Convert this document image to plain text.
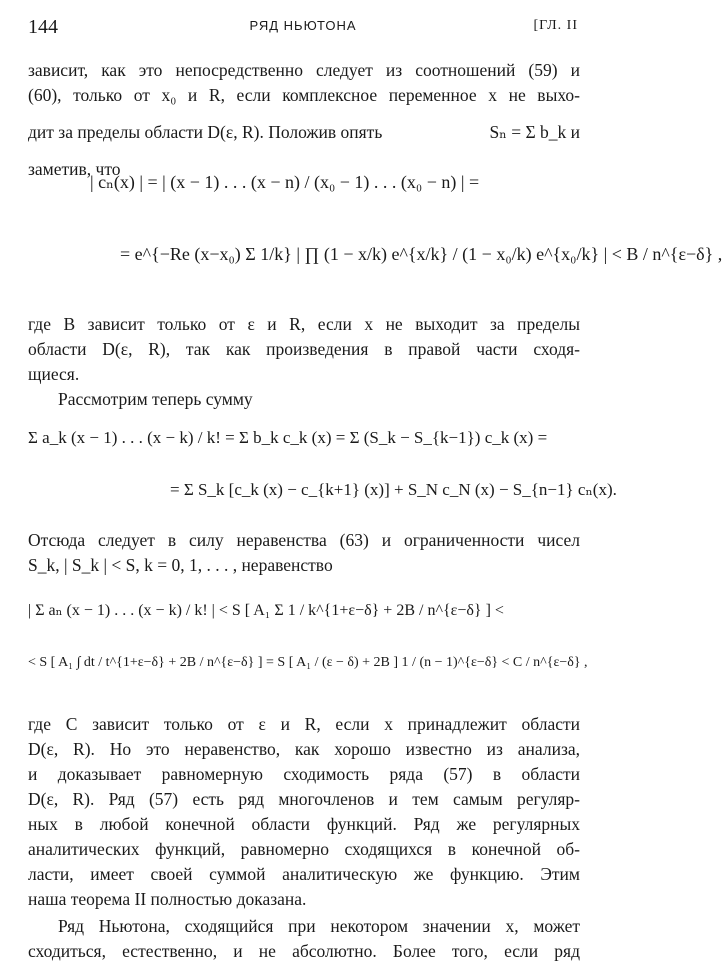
144	РЯД НЬЮТОНА	[ГЛ. II
зависит, как это непосредственно следует из соотношений (59) и
(60), только от x₀ и R, если комплексное переменное x не выхо-
дит за пределы области D(ε, R). Положив опять	Sₙ = Σ b_k и
заметив, что
| cₙ(x) | = | (x − 1) . . . (x − n) / (x₀ − 1) . . . (x₀ − n) | =
= e^{−Re (x−x₀) Σ 1/k} | ∏ (1 − x/k) e^{x/k} / (1 − x₀/k) e^{x₀/k} | < B / n^{ε−δ} ,
где B зависит только от ε и R, если x не выходит за пределы
области D(ε, R), так как произведения в правой части сходя-
щиеся.
Рассмотрим теперь сумму
Σ a_k (x − 1) . . . (x − k) / k! = Σ b_k c_k (x) = Σ (S_k − S_{k−1}) c_k (x) =
= Σ S_k [c_k (x) − c_{k+1} (x)] + S_N c_N (x) − S_{n−1} cₙ(x).
Отсюда следует в силу неравенства (63) и ограниченности чисел
S_k, | S_k | < S, k = 0, 1, . . . , неравенство
| Σ aₙ (x − 1) . . . (x − k) / k! | < S [ A₁ Σ 1 / k^{1+ε−δ} + 2B / n^{ε−δ} ] <
< S [ A₁ ∫ dt / t^{1+ε−δ} + 2B / n^{ε−δ} ] = S [ A₁ / (ε − δ) + 2B ] 1 / (n − 1)^{ε−δ} < C / n^{ε−δ} ,
где C зависит только от ε и R, если x принадлежит области
D(ε, R). Но это неравенство, как хорошо известно из анализа,
и доказывает равномерную сходимость ряда (57) в области
D(ε, R). Ряд (57) есть ряд многочленов и тем самым регуляр-
ных в любой конечной области функций. Ряд же регулярных
аналитических функций, равномерно сходящихся в конечной об-
ласти, имеет своей суммой аналитическую же функцию. Этим
наша теорема II полностью доказана.
Ряд Ньютона, сходящийся при некотором значении x, может
сходиться, естественно, и не абсолютно. Более того, если ряд
